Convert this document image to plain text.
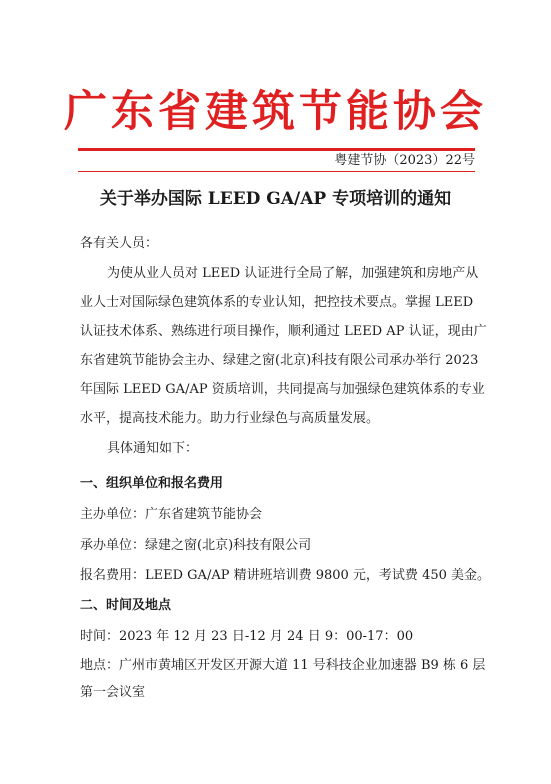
广东省建筑节能协会
粤建节协（2023）22号
关于举办国际 LEED GA/AP 专项培训的通知
各有关人员：
为使从业人员对 LEED 认证进行全局了解，加强建筑和房地产从
业人士对国际绿色建筑体系的专业认知，把控技术要点。掌握 LEED
认证技术体系、熟练进行项目操作，顺利通过 LEED AP 认证，现由广
东省建筑节能协会主办、绿建之窗(北京)科技有限公司承办举行 2023
年国际 LEED GA/AP 资质培训，共同提高与加强绿色建筑体系的专业
水平，提高技术能力。助力行业绿色与高质量发展。
具体通知如下：
一、组织单位和报名费用
主办单位：广东省建筑节能协会
承办单位：绿建之窗(北京)科技有限公司
报名费用：LEED GA/AP 精讲班培训费 9800 元，考试费 450 美金。
二、时间及地点
时间：2023 年 12 月 23 日-12 月 24 日 9：00-17：00
地点：广州市黄埔区开发区开源大道 11 号科技企业加速器 B9 栋 6 层
第一会议室
